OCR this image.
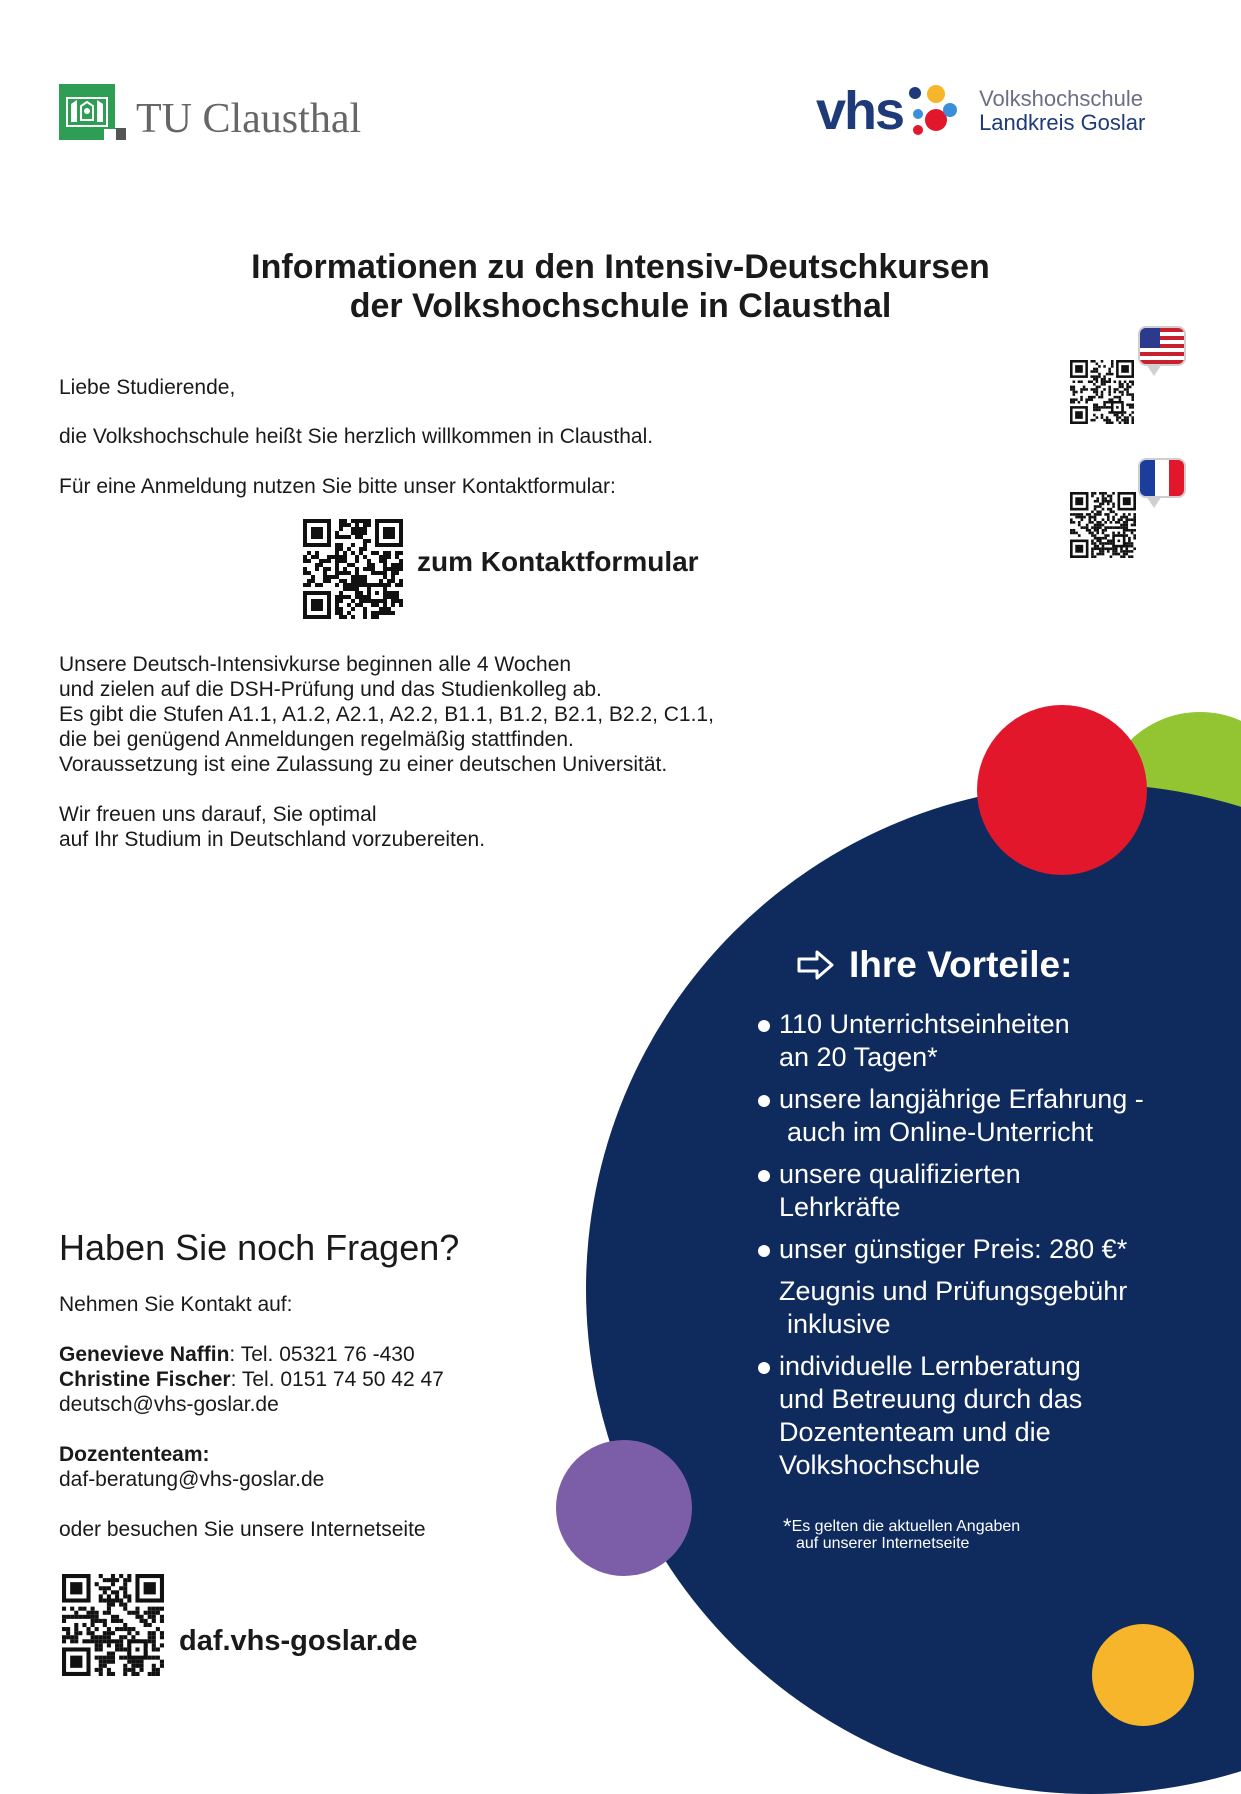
TU Clausthal	vhs	Volkshochschule
Landkreis Goslar
Informationen zu den Intensiv-Deutschkursen
der Volkshochschule in Clausthal
Liebe Studierende,
die Volkshochschule heißt Sie herzlich willkommen in Clausthal.
Für eine Anmeldung nutzen Sie bitte unser Kontaktformular:
zum Kontaktformular
Unsere Deutsch-Intensivkurse beginnen alle 4 Wochen
und zielen auf die DSH-Prüfung und das Studienkolleg ab.
Es gibt die Stufen A1.1, A1.2, A2.1, A2.2, B1.1, B1.2, B2.1, B2.2, C1.1,
die bei genügend Anmeldungen regelmäßig stattfinden.
Voraussetzung ist eine Zulassung zu einer deutschen Universität.
Wir freuen uns darauf, Sie optimal
auf Ihr Studium in Deutschland vorzubereiten.
Ihre Vorteile:
110 Unterrichtseinheiten
an 20 Tagen*
unsere langjährige Erfahrung -
auch im Online-Unterricht
unsere qualifizierten
Lehrkräfte
unser günstiger Preis: 280 €*
Zeugnis und Prüfungsgebühr
inklusive
individuelle Lernberatung
und Betreuung durch das
Dozententeam und die
Volkshochschule
*Es gelten die aktuellen Angaben
auf unserer Internetseite
Haben Sie noch Fragen?
Nehmen Sie Kontakt auf:
Genevieve Naffin: Tel. 05321 76 -430
Christine Fischer: Tel. 0151 74 50 42 47
deutsch@vhs-goslar.de
Dozententeam:
daf-beratung@vhs-goslar.de
oder besuchen Sie unsere Internetseite
daf.vhs-goslar.de
